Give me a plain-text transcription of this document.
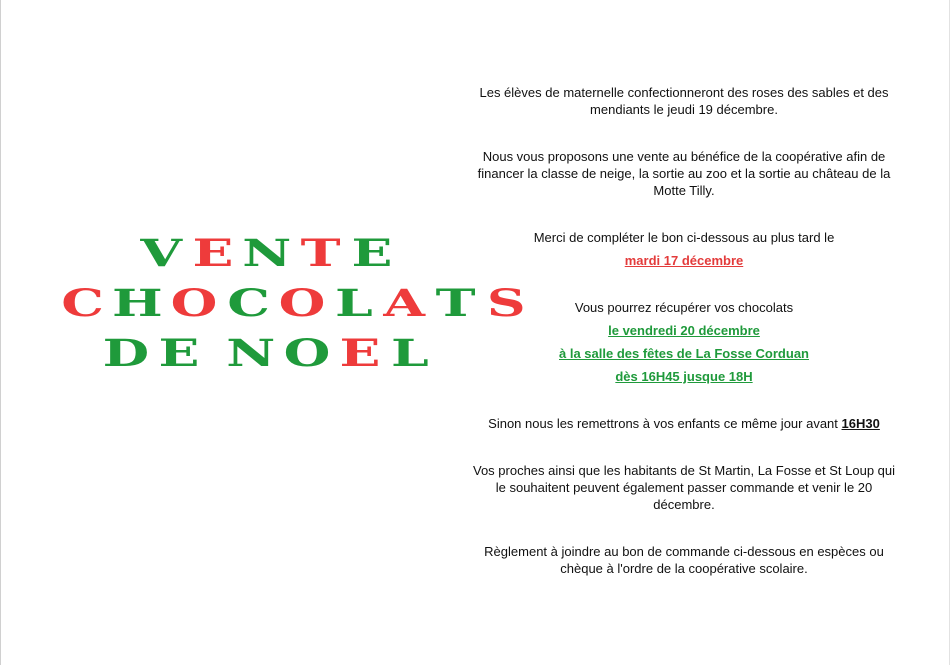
VENTE
CHOCOLATS
DE NOEL

Les élèves de maternelle confectionneront des roses des sables et des mendiants le jeudi 19 décembre.

Nous vous proposons une vente au bénéfice de la coopérative afin de financer la classe de neige, la sortie au zoo et la sortie au château de la Motte Tilly.

Merci de compléter le bon ci-dessous au plus tard le
mardi 17 décembre

Vous pourrez récupérer vos chocolats
le vendredi 20 décembre
à la salle des fêtes de La Fosse Corduan
dès 16H45 jusque 18H

Sinon nous les remettrons à vos enfants ce même jour avant 16H30

Vos proches ainsi que les habitants de St Martin, La Fosse et St Loup qui le souhaitent peuvent également passer commande et venir le 20 décembre.

Règlement à joindre au bon de commande ci-dessous en espèces ou chèque à l'ordre de la coopérative scolaire.
